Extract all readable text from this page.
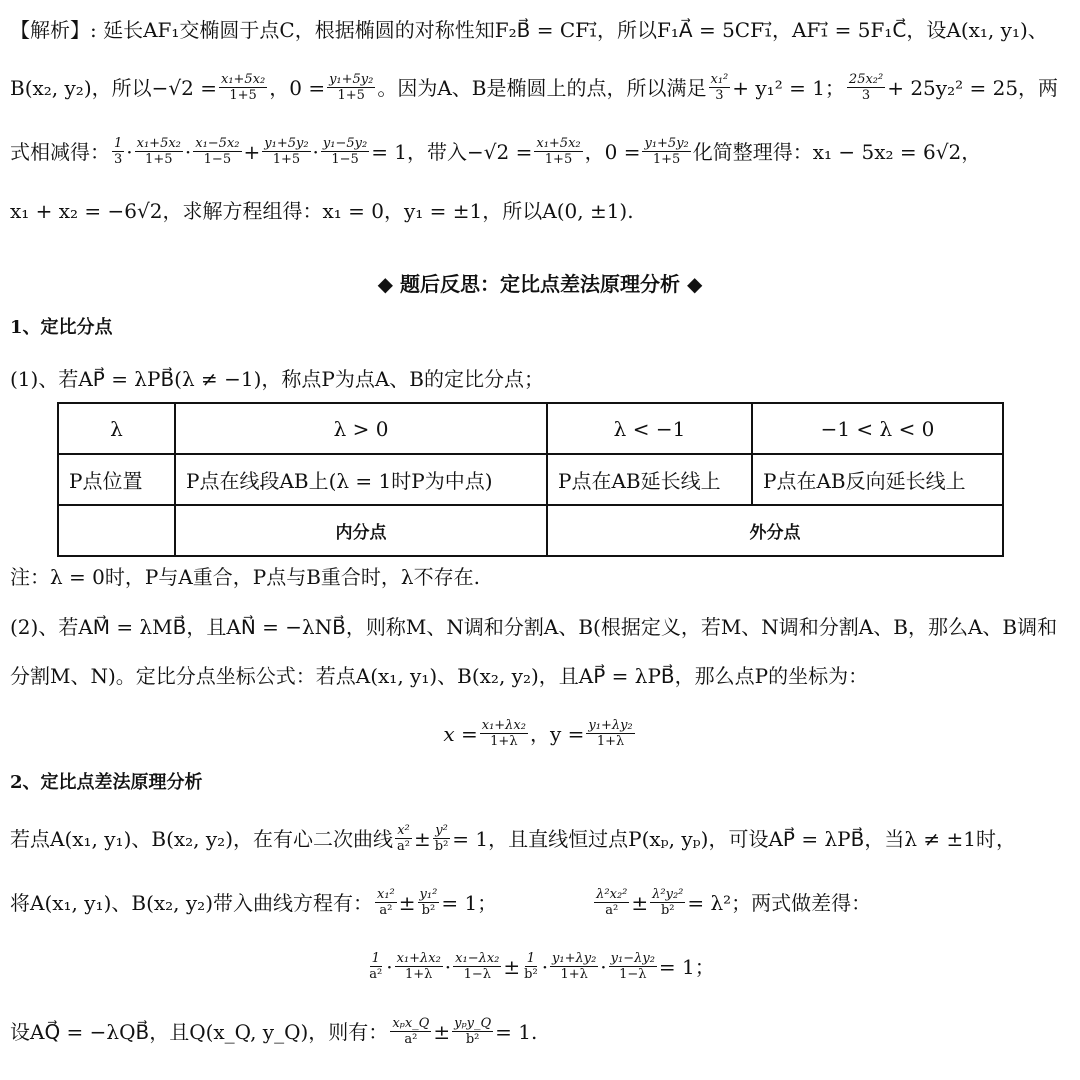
【解析】: 延长AF₁交椭圆于点C，根据椭圆的对称性知F₂B⃗ = CF₁⃗，所以F₁A⃗ = 5CF₁⃗，AF₁⃗ = 5F₁C⃗，设A(x₁, y₁)、
B(x₂, y₂)，所以$-√2 = \frac{\text{x₁+5x₂}}{1+5}$ ，$0 = \frac{\text{y₁+5y₂}}{1+5}$ 。因为A、B是椭圆上的点，所以满足 $\frac{\text{x₁²}}{3} + y_1^2 = 1$； $\frac{\text{25x₂²}}{3} + 25y_2^2 = 25$，两
式相减得： $\frac{1}{3} \cdot \frac{\text{x₁+5x₂}}{1+5} \cdot \frac{\text{x₁−5x₂}}{1-5} + \frac{\text{y₁+5y₂}}{1+5} \cdot \frac{\text{y₁−5y₂}}{1-5} = 1$，带入$-√2 = \frac{\text{x₁+5x₂}}{1+5}$ ，$0 = \frac{\text{y₁+5y₂}}{1+5}$ 化简整理得：x₁ − 5x₂ = 6√2，
x₁ + x₂ = −6√2，求解方程组得：x₁ = 0，y₁ = ±1，所以A(0, ±1).
◆ 题后反思：定比点差法原理分析 ◆
1、定比分点
(1)、若AP⃗ = λPB⃗(λ ≠ −1)，称点P为点A、B的定比分点；
λ	λ > 0	λ < −1	−1 < λ < 0
P点位置	P点在线段AB上(λ = 1时P为中点)	P点在AB延长线上	P点在AB反向延长线上
	内分点	外分点	
注：λ = 0时，P与A重合，P点与B重合时，λ不存在.
(2)、若AM⃗ = λMB⃗，且AN⃗ = −λNB⃗，则称M、N调和分割A、B(根据定义，若M、N调和分割A、B，那么A、B调和
分割M、N)。定比分点坐标公式：若点A(x₁, y₁)、B(x₂, y₂)，且AP⃗ = λPB⃗，那么点P的坐标为：
$x = \frac{\text{x₁+λx₂}}{1+\lambda}$ ，$y = \frac{\text{y₁+λy₂}}{1+\lambda}$
2、定比点差法原理分析
若点A(x₁, y₁)、B(x₂, y₂)，在有心二次曲线 $\frac{\text{x²}}{\text{a²}} \pm \frac{\text{y²}}{\text{b²}} = 1$，且直线恒过点P(xₚ, yₚ)，可设AP⃗ = λPB⃗，当λ ≠ ±1时，
将A(x₁, y₁)、B(x₂, y₂)带入曲线方程有： $\frac{\text{x₁²}}{\text{a²}} \pm \frac{\text{y₁²}}{\text{b²}} = 1$；	$\frac{\text{λ²x₂²}}{\text{a²}} \pm \frac{\text{λ²y₂²}}{\text{b²}} = \lambda^2$；两式做差得：
$\frac{1}{\text{a²}} \cdot \frac{\text{x₁+λx₂}}{1+\lambda} \cdot \frac{\text{x₁−λx₂}}{1-\lambda} \pm \frac{1}{\text{b²}} \cdot \frac{\text{y₁+λy₂}}{1+\lambda} \cdot \frac{\text{y₁−λy₂}}{1-\lambda} = 1$；
设AQ⃗ = −λQB⃗，且Q(x_Q, y_Q)，则有： $\frac{\text{xₚx\_Q}}{\text{a²}} \pm \frac{\text{yₚy\_Q}}{\text{b²}} = 1$.
